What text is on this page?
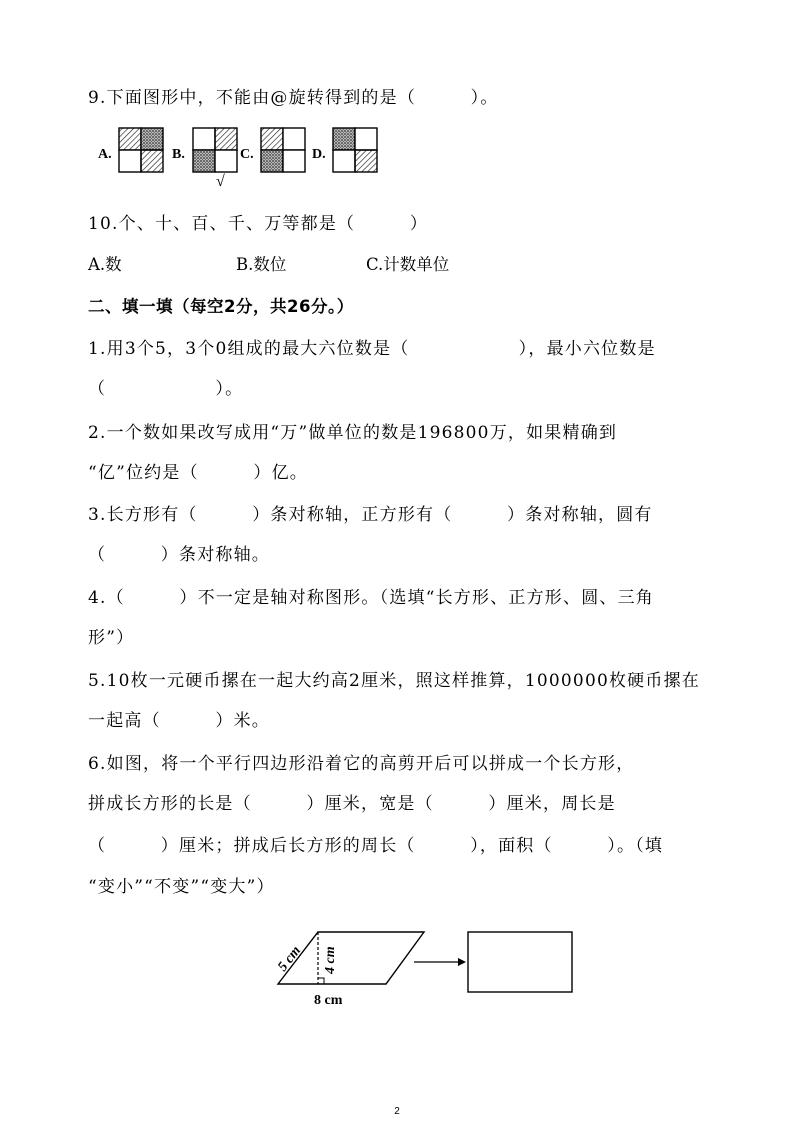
9.下面图形中，不能由@旋转得到的是（　　　）。
A.	B.	C.	D.
√
10.个、十、百、千、万等都是（　　　）
A.数	B.数位	C.计数单位
二、填一填（每空2分，共26分。）
1.用3个5，3个0组成的最大六位数是（　　　　　　），最小六位数是
（　　　　　　）。
2.一个数如果改写成用“万”做单位的数是196800万，如果精确到
“亿”位约是（　　　）亿。
3.长方形有（　　　）条对称轴，正方形有（　　　）条对称轴，圆有
（　　　）条对称轴。
4.（　　　）不一定是轴对称图形。（选填“长方形、正方形、圆、三角
形”）
5.10枚一元硬币摞在一起大约高2厘米，照这样推算，1000000枚硬币摞在
一起高（　　　）米。
6.如图，将一个平行四边形沿着它的高剪开后可以拼成一个长方形，
拼成长方形的长是（　　　）厘米，宽是（　　　）厘米，周长是
（　　　）厘米；拼成后长方形的周长（　　　），面积（　　　）。（填
“变小”“不变”“变大”）
5 cm 4 cm
8 cm
2
